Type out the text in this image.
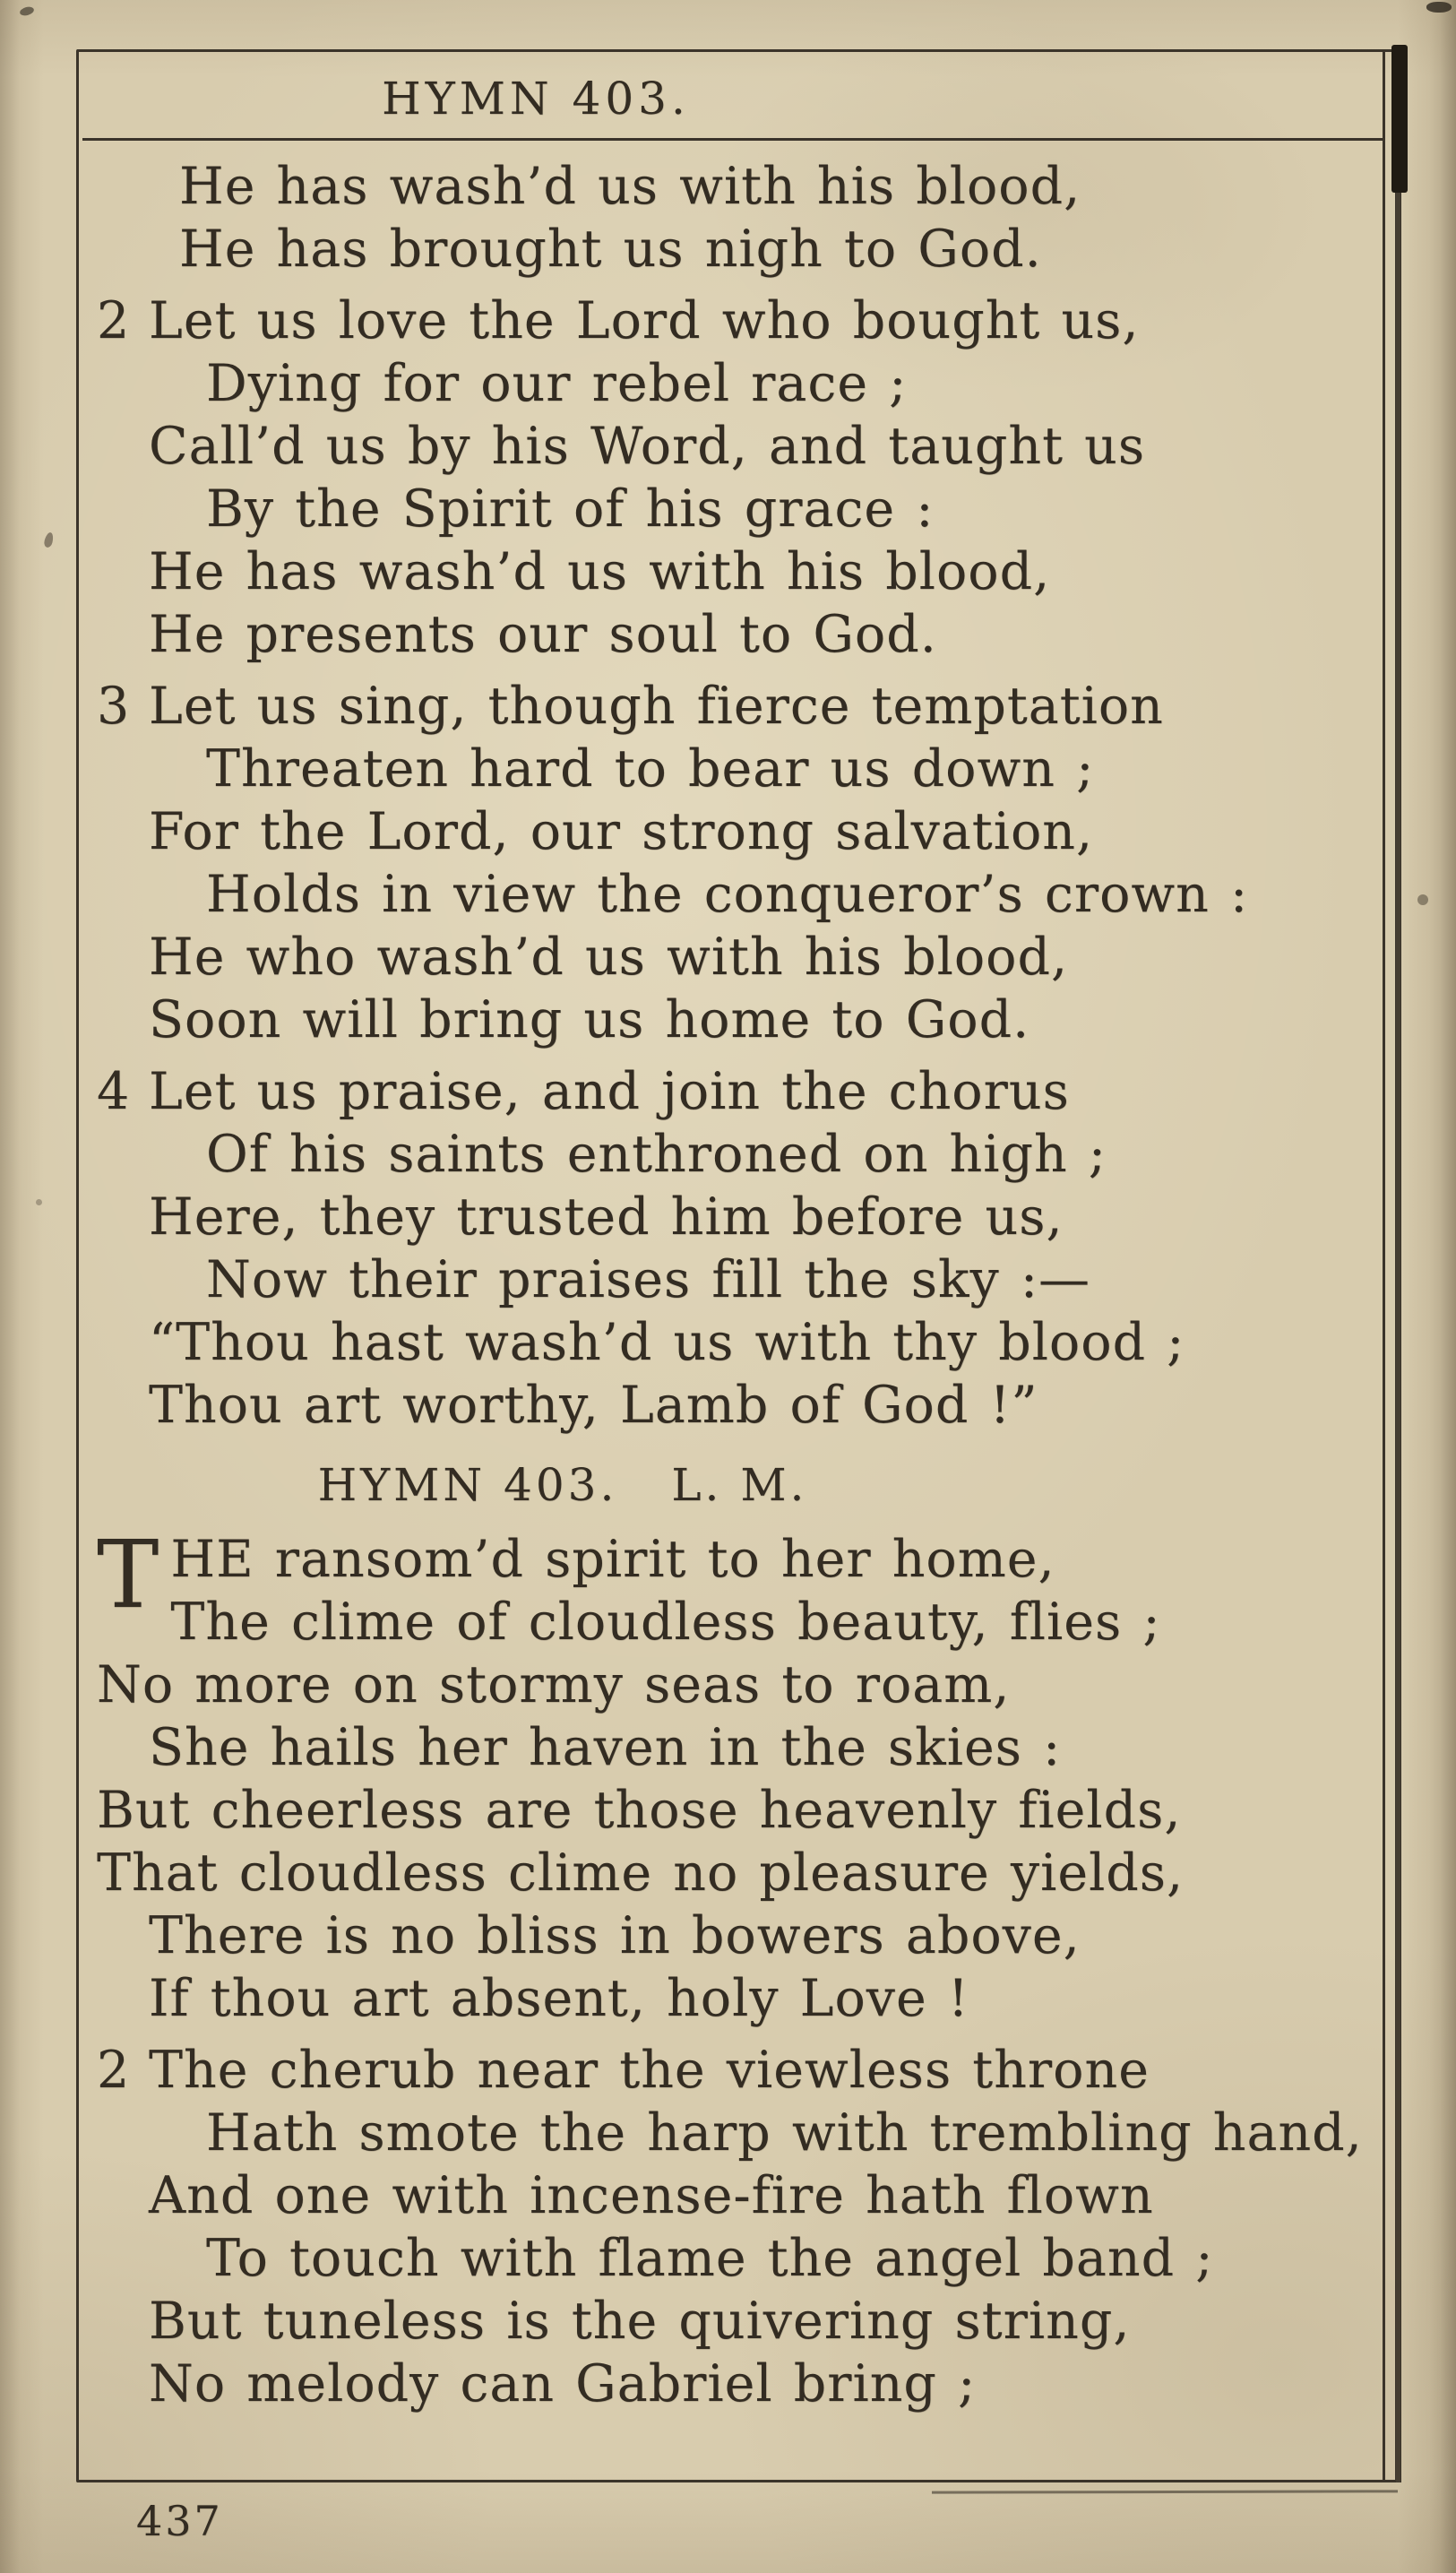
HYMN 403.
He has wash’d us with his blood,
He has brought us nigh to God.
2 Let us love the Lord who bought us,
Dying for our rebel race ;
Call’d us by his Word, and taught us
By the Spirit of his grace :
He has wash’d us with his blood,
He presents our soul to God.
3 Let us sing, though fierce temptation
Threaten hard to bear us down ;
For the Lord, our strong salvation,
Holds in view the conqueror’s crown :
He who wash’d us with his blood,
Soon will bring us home to God.
4 Let us praise, and join the chorus
Of his saints enthroned on high ;
Here, they trusted him before us,
Now their praises fill the sky :—
“Thou hast wash’d us with thy blood ;
Thou art worthy, Lamb of God !”
HYMN 403. L. M.
T HE ransom’d spirit to her home,
The clime of cloudless beauty, flies ;
No more on stormy seas to roam,
She hails her haven in the skies :
But cheerless are those heavenly fields,
That cloudless clime no pleasure yields,
There is no bliss in bowers above,
If thou art absent, holy Love !
2 The cherub near the viewless throne
Hath smote the harp with trembling hand,
And one with incense-fire hath flown
To touch with flame the angel band ;
But tuneless is the quivering string,
No melody can Gabriel bring ;
437
